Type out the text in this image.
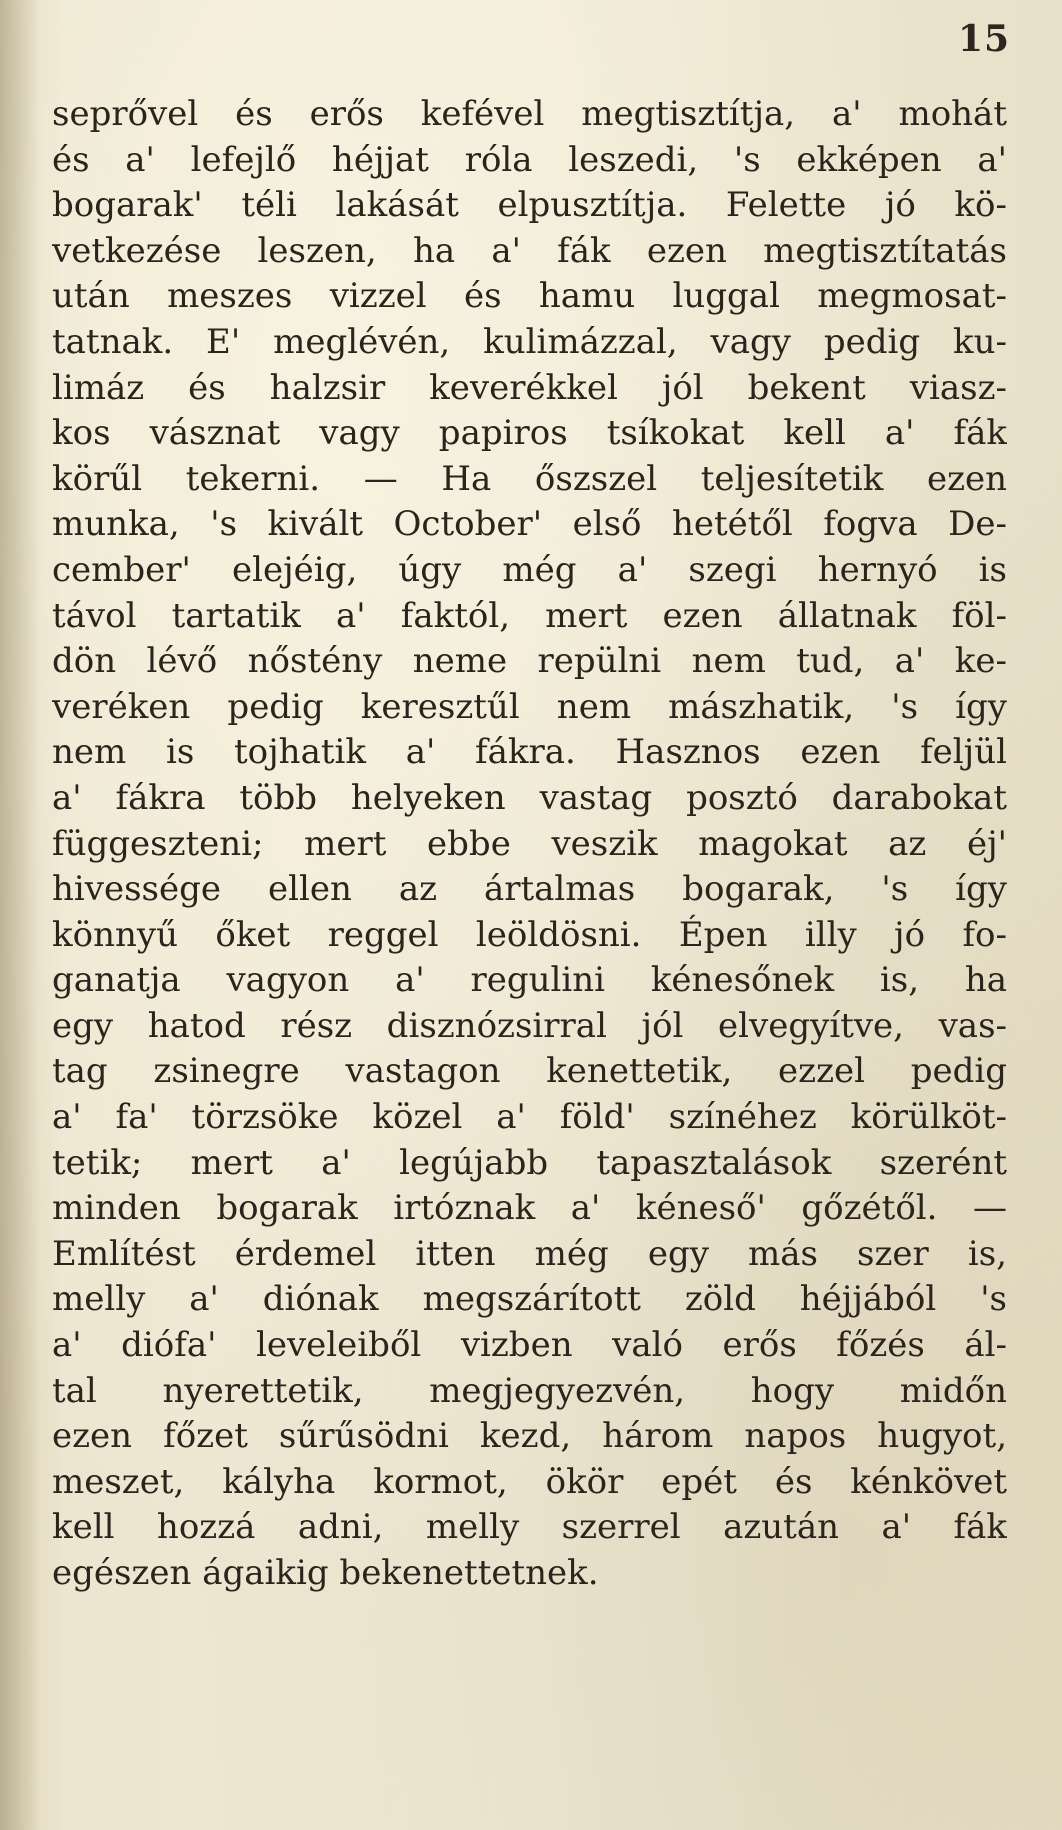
15
seprővel és erős kefével megtisztítja, a' mohát
és a' lefejlő héjjat róla leszedi, 's ekképen a'
bogarak' téli lakását elpusztítja. Felette jó kö-
vetkezése leszen, ha a' fák ezen megtisztítatás
után meszes vizzel és hamu luggal megmosat-
tatnak. E' meglévén, kulimázzal, vagy pedig ku-
limáz és halzsir keverékkel jól bekent viasz-
kos vásznat vagy papiros tsíkokat kell a' fák
körűl tekerni. — Ha őszszel teljesítetik ezen
munka, 's kivált October' első hetétől fogva De-
cember' elejéig, úgy még a' szegi hernyó is
távol tartatik a' faktól, mert ezen állatnak föl-
dön lévő nőstény neme repülni nem tud, a' ke-
veréken pedig keresztűl nem mászhatik, 's így
nem is tojhatik a' fákra. Hasznos ezen feljül
a' fákra több helyeken vastag posztó darabokat
függeszteni; mert ebbe veszik magokat az éj'
hivessége ellen az ártalmas bogarak, 's így
könnyű őket reggel leöldösni. Épen illy jó fo-
ganatja vagyon a' regulini kénesőnek is, ha
egy hatod rész disznózsirral jól elvegyítve, vas-
tag zsinegre vastagon kenettetik, ezzel pedig
a' fa' törzsöke közel a' föld' színéhez körülköt-
tetik; mert a' legújabb tapasztalások szerént
minden bogarak irtóznak a' kéneső' gőzétől. —
Említést érdemel itten még egy más szer is,
melly a' diónak megszárított zöld héjjából 's
a' diófa' leveleiből vizben való erős főzés ál-
tal nyerettetik, megjegyezvén, hogy midőn
ezen főzet sűrűsödni kezd, három napos hugyot,
meszet, kályha kormot, ökör epét és kénkövet
kell hozzá adni, melly szerrel azután a' fák
egészen ágaikig bekenettetnek.
